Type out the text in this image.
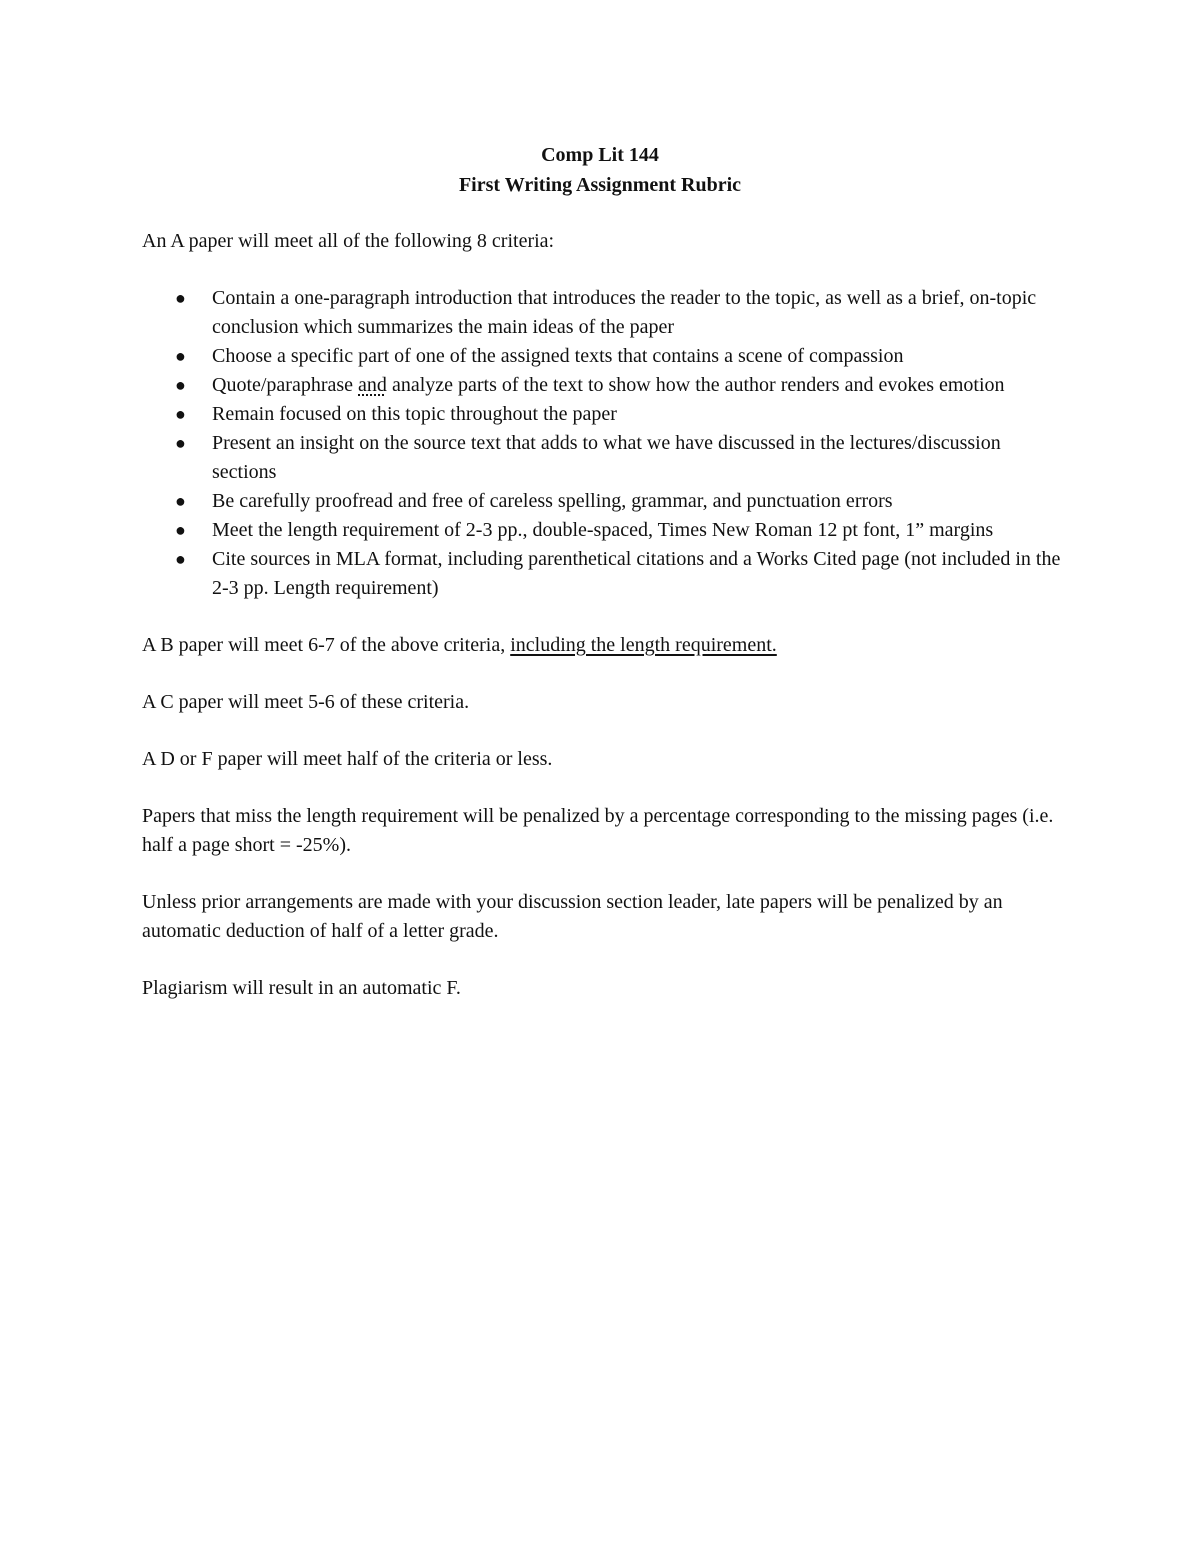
Comp Lit 144
First Writing Assignment Rubric

An A paper will meet all of the following 8 criteria:

● Contain a one-paragraph introduction that introduces the reader to the topic, as well as a brief, on-topic conclusion which summarizes the main ideas of the paper
● Choose a specific part of one of the assigned texts that contains a scene of compassion
● Quote/paraphrase and analyze parts of the text to show how the author renders and evokes emotion
● Remain focused on this topic throughout the paper
● Present an insight on the source text that adds to what we have discussed in the lectures/discussion sections
● Be carefully proofread and free of careless spelling, grammar, and punctuation errors
● Meet the length requirement of 2-3 pp., double-spaced, Times New Roman 12 pt font, 1” margins
● Cite sources in MLA format, including parenthetical citations and a Works Cited page (not included in the 2-3 pp. Length requirement)

A B paper will meet 6-7 of the above criteria, including the length requirement.

A C paper will meet 5-6 of these criteria.

A D or F paper will meet half of the criteria or less.

Papers that miss the length requirement will be penalized by a percentage corresponding to the missing pages (i.e. half a page short = -25%).

Unless prior arrangements are made with your discussion section leader, late papers will be penalized by an automatic deduction of half of a letter grade.

Plagiarism will result in an automatic F.
